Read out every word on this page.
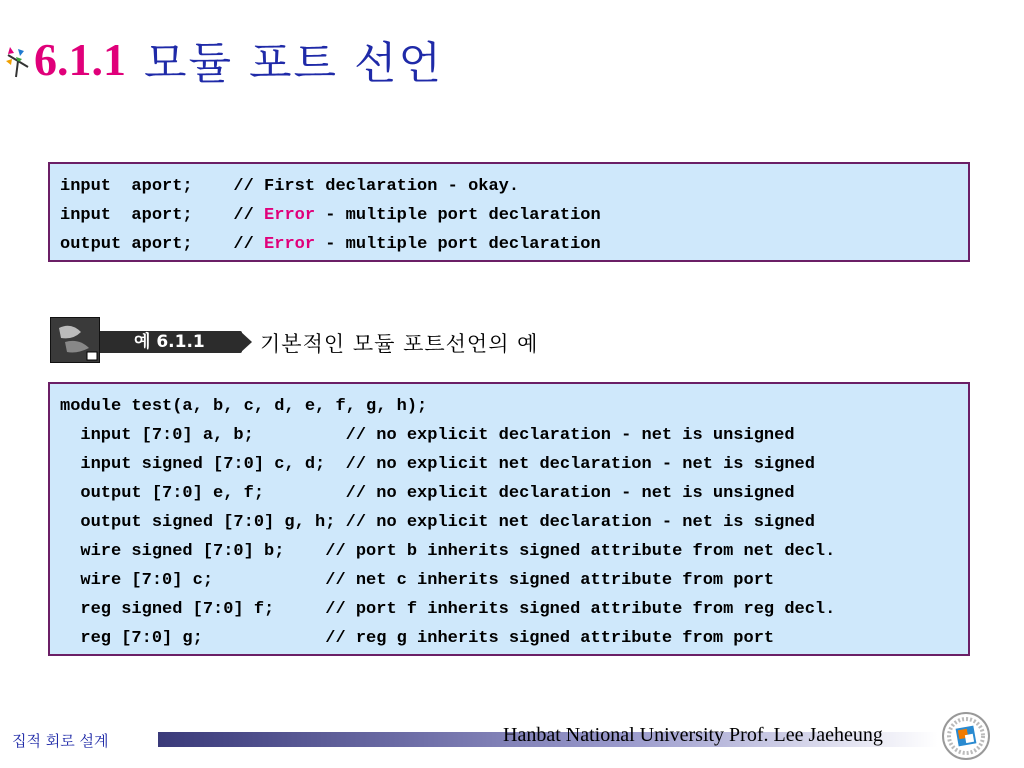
6.1.1 모듈 포트 선언
input  aport;    // First declaration - okay.
input  aport;    // Error - multiple port declaration
output aport;    // Error - multiple port declaration
예 6.1.1	기본적인 모듈 포트선언의 예
module test(a, b, c, d, e, f, g, h);
input [7:0] a, b;         // no explicit declaration - net is unsigned
input signed [7:0] c, d;  // no explicit net declaration - net is signed
output [7:0] e, f;        // no explicit declaration - net is unsigned
output signed [7:0] g, h; // no explicit net declaration - net is signed
wire signed [7:0] b;    // port b inherits signed attribute from net decl.
wire [7:0] c;           // net c inherits signed attribute from port
reg signed [7:0] f;     // port f inherits signed attribute from reg decl.
reg [7:0] g;            // reg g inherits signed attribute from port
집적 회로 설계	Hanbat National University Prof. Lee Jaeheung
